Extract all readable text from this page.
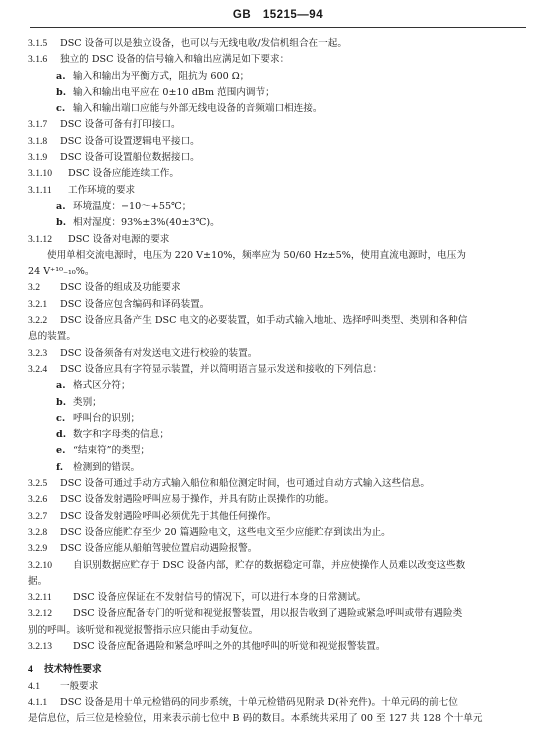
GB 15215—94
3.1.5 DSC 设备可以是独立设备，也可以与无线电收/发信机组合在一起。
3.1.6 独立的 DSC 设备的信号输入和输出应满足如下要求：
a. 输入和输出为平衡方式，阻抗为 600 Ω；
b. 输入和输出电平应在 0±10 dBm 范围内调节；
c. 输入和输出端口应能与外部无线电设备的音频端口相连接。
3.1.7 DSC 设备可备有打印接口。
3.1.8 DSC 设备可设置逻辑电平接口。
3.1.9 DSC 设备可设置船位数据接口。
3.1.10 DSC 设备应能连续工作。
3.1.11 工作环境的要求
a. 环境温度：−10～+55℃；
b. 相对湿度：93%±3%(40±3℃)。
3.1.12 DSC 设备对电源的要求
使用单相交流电源时，电压为 220 V±10%，频率应为 50/60 Hz±5%，使用直流电源时，电压为
24 V⁺¹⁰₋₁₀%。
3.2 DSC 设备的组成及功能要求
3.2.1 DSC 设备应包含编码和译码装置。
3.2.2 DSC 设备应具备产生 DSC 电文的必要装置，如手动式输入地址、选择呼叫类型、类别和各种信
息的装置。
3.2.3 DSC 设备须备有对发送电文进行校验的装置。
3.2.4 DSC 设备应具有字符显示装置，并以简明语言显示发送和接收的下列信息：
a. 格式区分符；
b. 类别；
c. 呼叫台的识别；
d. 数字和字母类的信息；
e. “结束符”的类型；
f. 检测到的错误。
3.2.5 DSC 设备可通过手动方式输入船位和船位测定时间，也可通过自动方式输入这些信息。
3.2.6 DSC 设备发射遇险呼叫应易于操作，并具有防止误操作的功能。
3.2.7 DSC 设备发射遇险呼叫必须优先于其他任何操作。
3.2.8 DSC 设备应能贮存至少 20 篇遇险电文，这些电文至少应能贮存到读出为止。
3.2.9 DSC 设备应能从船舶驾驶位置启动遇险报警。
3.2.10 自识别数据应贮存于 DSC 设备内部，贮存的数据稳定可靠，并应使操作人员难以改变这些数
据。
3.2.11 DSC 设备应保证在不发射信号的情况下，可以进行本身的日常测试。
3.2.12 DSC 设备应配备专门的听觉和视觉报警装置，用以报告收到了遇险或紧急呼叫或带有遇险类
别的呼叫。该听觉和视觉报警指示应只能由手动复位。
3.2.13 DSC 设备应配备遇险和紧急呼叫之外的其他呼叫的听觉和视觉报警装置。
4 技术特性要求
4.1 一般要求
4.1.1 DSC 设备是用十单元检错码的同步系统，十单元检错码见附录 D(补充件)。十单元码的前七位
是信息位，后三位是检验位，用来表示前七位中 B 码的数目。本系统共采用了 00 至 127 共 128 个十单元
